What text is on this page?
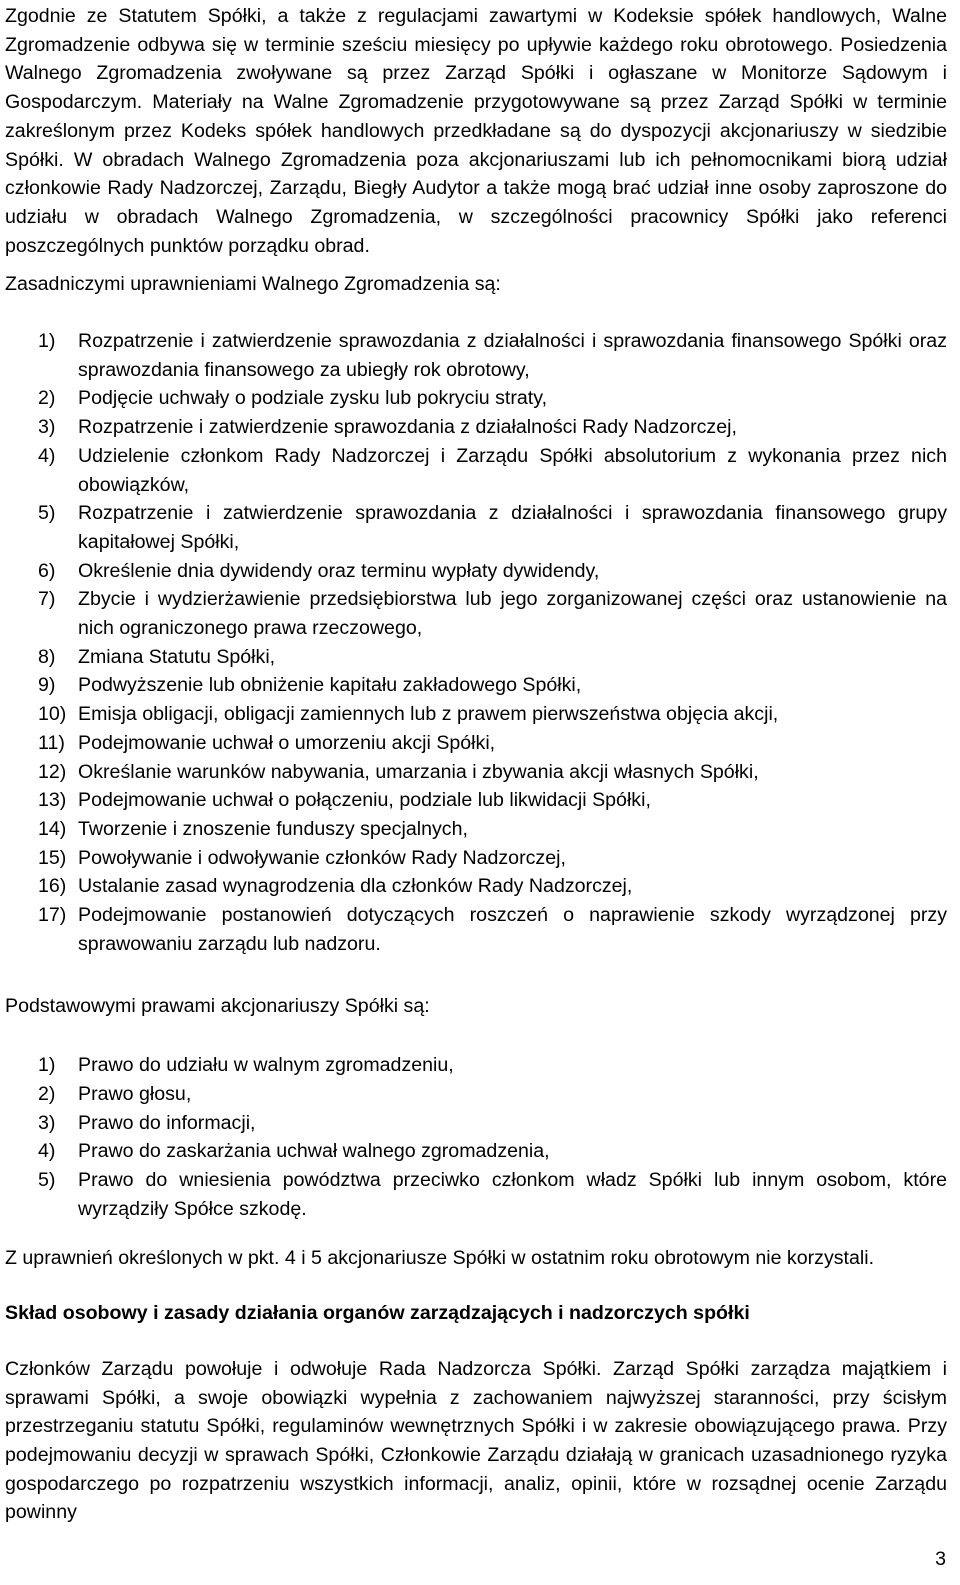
Zgodnie ze Statutem Spółki, a także z regulacjami zawartymi w Kodeksie spółek handlowych, Walne Zgromadzenie odbywa się w terminie sześciu miesięcy po upływie każdego roku obrotowego. Posiedzenia Walnego Zgromadzenia zwoływane są przez Zarząd Spółki i ogłaszane w Monitorze Sądowym i Gospodarczym. Materiały na Walne Zgromadzenie przygotowywane są przez Zarząd Spółki w terminie zakreślonym przez Kodeks spółek handlowych przedkładane są do dyspozycji akcjonariuszy w siedzibie Spółki. W obradach Walnego Zgromadzenia poza akcjonariuszami lub ich pełnomocnikami biorą udział członkowie Rady Nadzorczej, Zarządu, Biegły Audytor a także mogą brać udział inne osoby zaproszone do udziału w obradach Walnego Zgromadzenia, w szczególności pracownicy Spółki jako referenci poszczególnych punktów porządku obrad.

Zasadniczymi uprawnieniami Walnego Zgromadzenia są:

1) Rozpatrzenie i zatwierdzenie sprawozdania z działalności i sprawozdania finansowego Spółki oraz sprawozdania finansowego za ubiegły rok obrotowy,
2) Podjęcie uchwały o podziale zysku lub pokryciu straty,
3) Rozpatrzenie i zatwierdzenie sprawozdania z działalności Rady Nadzorczej,
4) Udzielenie członkom Rady Nadzorczej i Zarządu Spółki absolutorium z wykonania przez nich obowiązków,
5) Rozpatrzenie i zatwierdzenie sprawozdania z działalności i sprawozdania finansowego grupy kapitałowej Spółki,
6) Określenie dnia dywidendy oraz terminu wypłaty dywidendy,
7) Zbycie i wydzierżawienie przedsiębiorstwa lub jego zorganizowanej części oraz ustanowienie na nich ograniczonego prawa rzeczowego,
8) Zmiana Statutu Spółki,
9) Podwyższenie lub obniżenie kapitału zakładowego Spółki,
10) Emisja obligacji, obligacji zamiennych lub z prawem pierwszeństwa objęcia akcji,
11) Podejmowanie uchwał o umorzeniu akcji Spółki,
12) Określanie warunków nabywania, umarzania i zbywania akcji własnych Spółki,
13) Podejmowanie uchwał o połączeniu, podziale lub likwidacji Spółki,
14) Tworzenie i znoszenie funduszy specjalnych,
15) Powoływanie i odwoływanie członków Rady Nadzorczej,
16) Ustalanie zasad wynagrodzenia dla członków Rady Nadzorczej,
17) Podejmowanie postanowień dotyczących roszczeń o naprawienie szkody wyrządzonej przy sprawowaniu zarządu lub nadzoru.

Podstawowymi prawami akcjonariuszy Spółki są:

1) Prawo do udziału w walnym zgromadzeniu,
2) Prawo głosu,
3) Prawo do informacji,
4) Prawo do zaskarżania uchwał walnego zgromadzenia,
5) Prawo do wniesienia powództwa przeciwko członkom władz Spółki lub innym osobom, które wyrządziły Spółce szkodę.

Z uprawnień określonych w pkt. 4 i 5 akcjonariusze Spółki w ostatnim roku obrotowym nie korzystali.

Skład osobowy i zasady działania organów zarządzających i nadzorczych spółki

Członków Zarządu powołuje i odwołuje Rada Nadzorcza Spółki. Zarząd Spółki zarządza majątkiem i sprawami Spółki, a swoje obowiązki wypełnia z zachowaniem najwyższej staranności, przy ścisłym przestrzeganiu statutu Spółki, regulaminów wewnętrznych Spółki i w zakresie obowiązującego prawa. Przy podejmowaniu decyzji w sprawach Spółki, Członkowie Zarządu działają w granicach uzasadnionego ryzyka gospodarczego po rozpatrzeniu wszystkich informacji, analiz, opinii, które w rozsądnej ocenie Zarządu powinny

3
